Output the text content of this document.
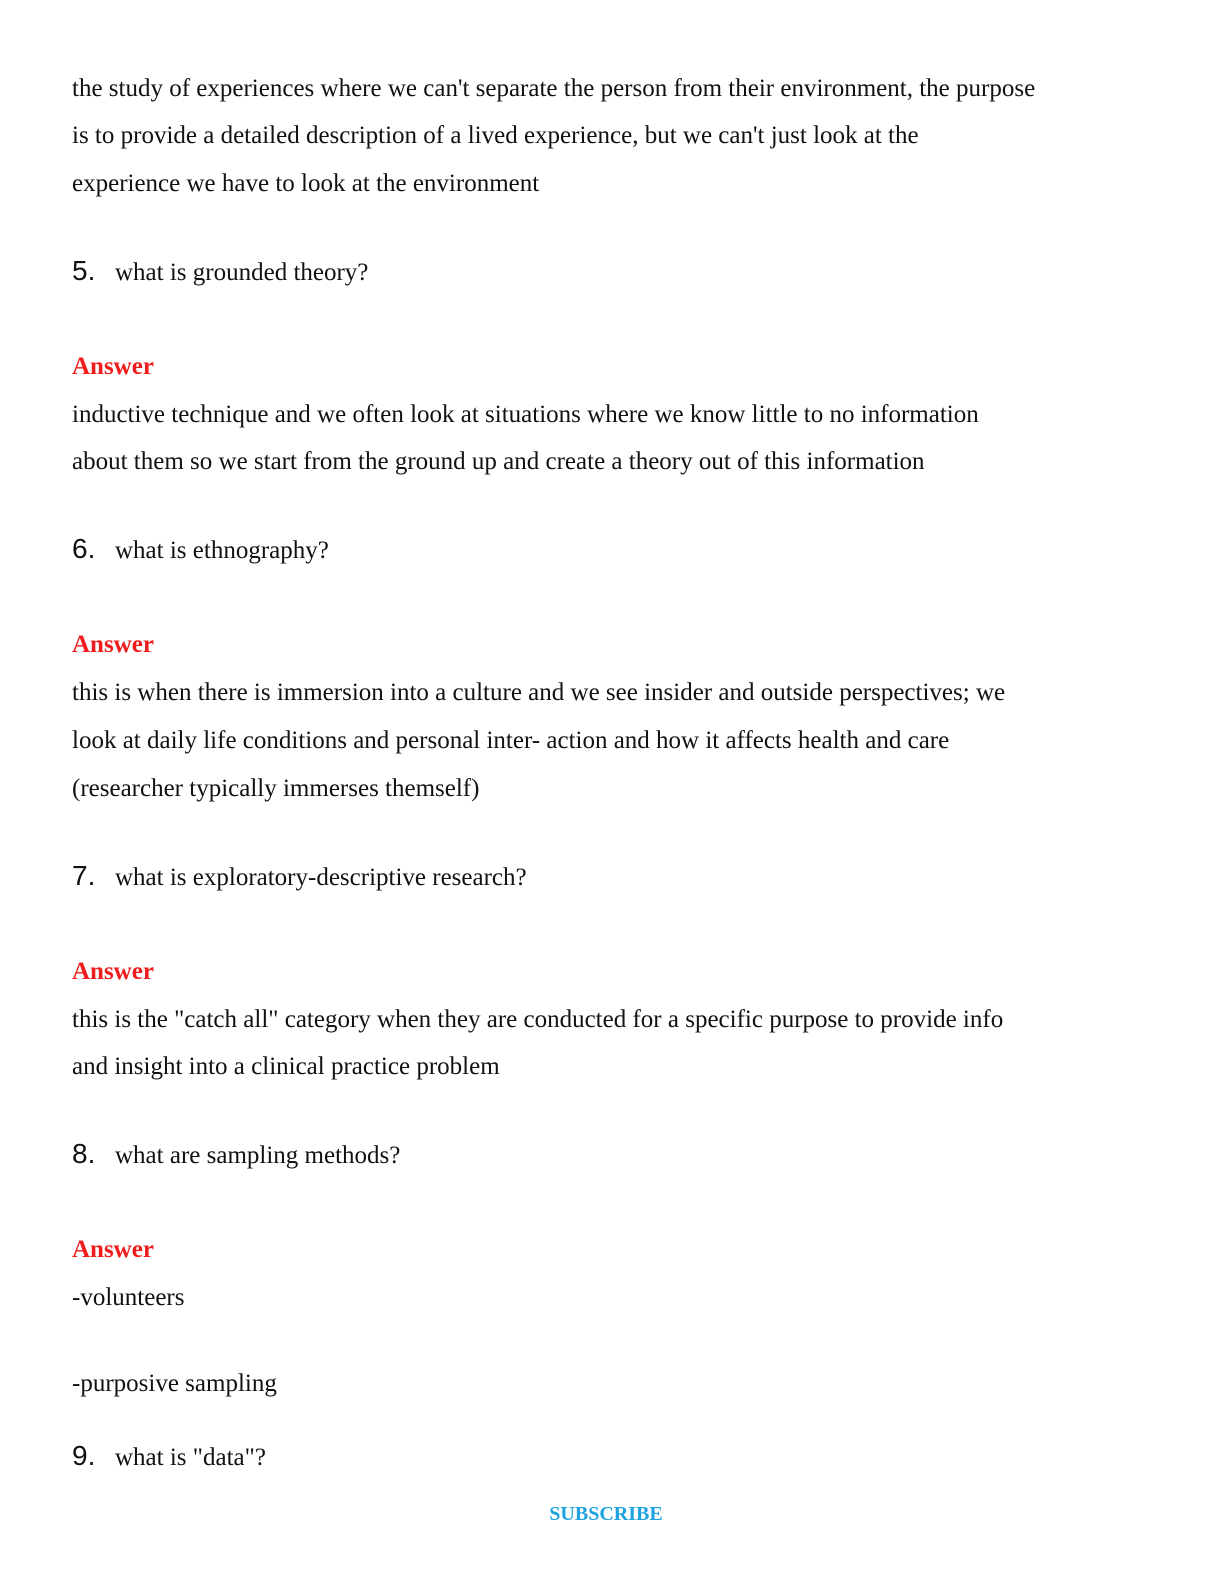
the study of experiences where we can't separate the person from their environment, the purpose
is to provide a detailed description of a lived experience, but we can't just look at the
experience we have to look at the environment
5. what is grounded theory?
Answer
inductive technique and we often look at situations where we know little to no information
about them so we start from the ground up and create a theory out of this information
6. what is ethnography?
Answer
this is when there is immersion into a culture and we see insider and outside perspectives; we
look at daily life conditions and personal inter- action and how it affects health and care
(researcher typically immerses themself)
7. what is exploratory-descriptive research?
Answer
this is the "catch all" category when they are conducted for a specific purpose to provide info
and insight into a clinical practice problem
8. what are sampling methods?
Answer
-volunteers
-purposive sampling
9. what is "data"?
SUBSCRIBE
